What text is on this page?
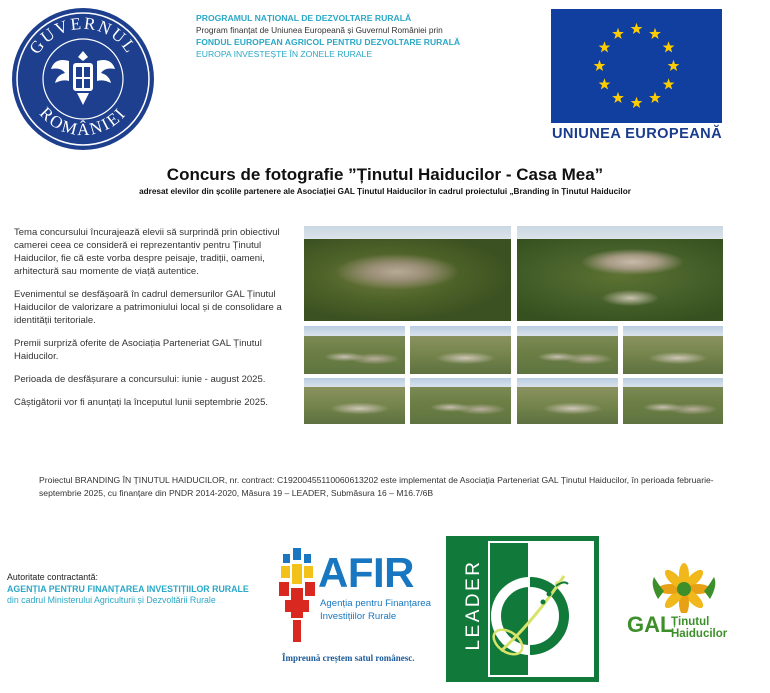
GUVERNUL
ROMÂNIEI
PROGRAMUL NAȚIONAL DE DEZVOLTARE RURALĂ
Program finanțat de Uniunea Europeană și Guvernul României prin
FONDUL EUROPEAN AGRICOL PENTRU DEZVOLTARE RURALĂ
EUROPA INVESTEȘTE ÎN ZONELE RURALE
UNIUNEA EUROPEANĂ
Concurs de fotografie ”Ținutul Haiducilor - Casa Mea”
adresat elevilor din școlile partenere ale Asociației GAL Ținutul Haiducilor în cadrul proiectului „Branding în Ținutul Haiducilor

Tema concursului încurajează elevii să surprindă prin obiectivul camerei ceea ce consideră ei reprezentantiv pentru Ținutul Haiducilor, fie că este vorba despre peisaje, tradiții, oameni, arhitectură sau momente de viață autentice.

Evenimentul se desfășoară în cadrul demersurilor GAL Ținutul Haiducilor de valorizare a patrimoniului local și de consolidare a identității teritoriale.

Premii surpriză oferite de Asociația Parteneriat GAL Ținutul Haiducilor.

Perioada de desfășurare a concursului: iunie - august 2025.

Câștigătorii vor fi anunțați la începutul lunii septembrie 2025.

Proiectul BRANDING ÎN ȚINUTUL HAIDUCILOR, nr. contract: C19200455110060613202 este implementat de Asociația Parteneriat GAL Ținutul Haiducilor, în perioada februarie- septembrie 2025, cu finanțare din PNDR 2014-2020, Măsura 19 – LEADER, Submăsura 16 – M16.7/6B
Autoritate contractantă:
AGENȚIA PENTRU FINANȚAREA INVESTIȚIILOR RURALE
din cadrul Ministerului Agriculturii și Dezvoltării Rurale
AFIR
Agenția pentru Finanțarea Investițiilor Rurale
Împreună creștem satul românesc.
LEADER	GAL
Ținutul
Haiducilor
